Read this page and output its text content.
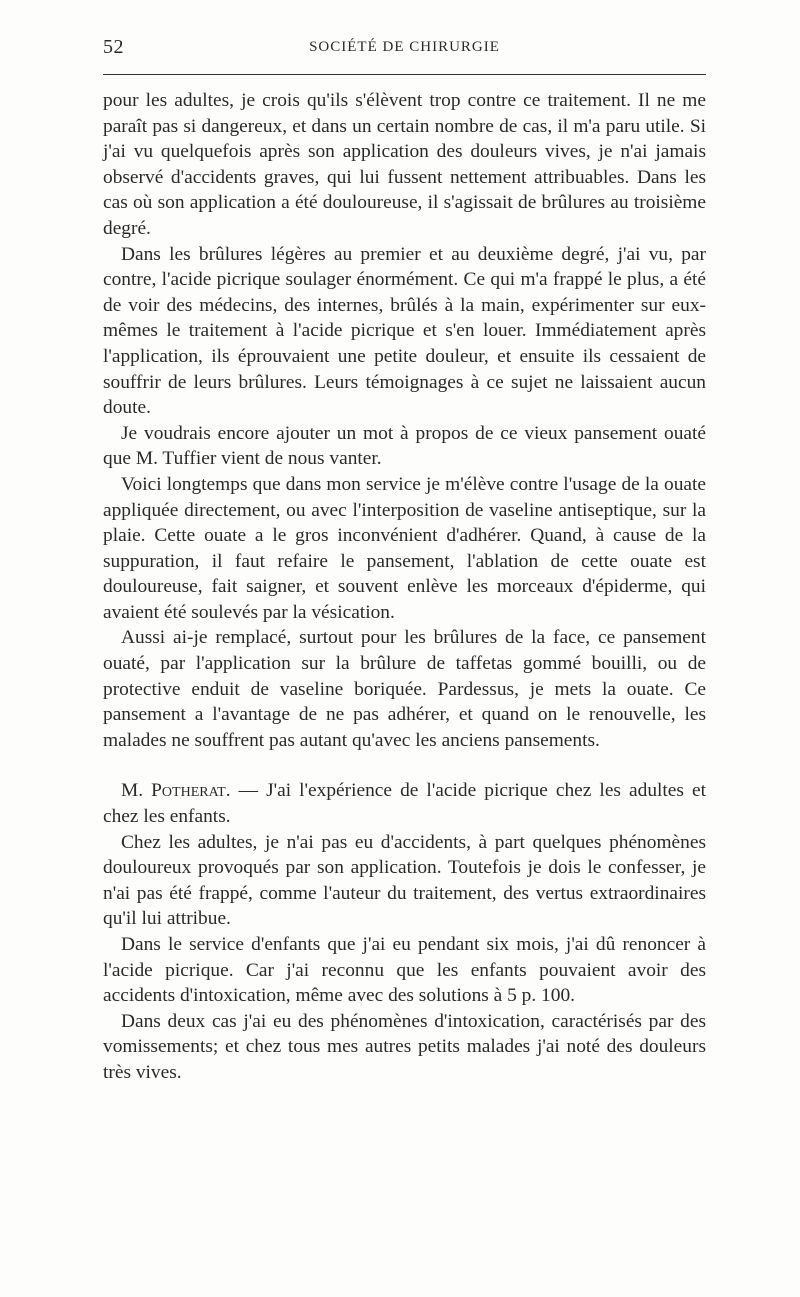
52	SOCIÉTÉ DE CHIRURGIE

pour les adultes, je crois qu'ils s'élèvent trop contre ce traitement. Il ne me paraît pas si dangereux, et dans un certain nombre de cas, il m'a paru utile. Si j'ai vu quelquefois après son application des douleurs vives, je n'ai jamais observé d'accidents graves, qui lui fussent nettement attribuables. Dans les cas où son application a été douloureuse, il s'agissait de brûlures au troisième degré.

Dans les brûlures légères au premier et au deuxième degré, j'ai vu, par contre, l'acide picrique soulager énormément. Ce qui m'a frappé le plus, a été de voir des médecins, des internes, brûlés à la main, expérimenter sur eux-mêmes le traitement à l'acide picrique et s'en louer. Immédiatement après l'application, ils éprouvaient une petite douleur, et ensuite ils cessaient de souffrir de leurs brûlures. Leurs témoignages à ce sujet ne laissaient aucun doute.

Je voudrais encore ajouter un mot à propos de ce vieux pansement ouaté que M. Tuffier vient de nous vanter.

Voici longtemps que dans mon service je m'élève contre l'usage de la ouate appliquée directement, ou avec l'interposition de vaseline antiseptique, sur la plaie. Cette ouate a le gros inconvénient d'adhérer. Quand, à cause de la suppuration, il faut refaire le pansement, l'ablation de cette ouate est douloureuse, fait saigner, et souvent enlève les morceaux d'épiderme, qui avaient été soulevés par la vésication.

Aussi ai-je remplacé, surtout pour les brûlures de la face, ce pansement ouaté, par l'application sur la brûlure de taffetas gommé bouilli, ou de protective enduit de vaseline boriquée. Pardessus, je mets la ouate. Ce pansement a l'avantage de ne pas adhérer, et quand on le renouvelle, les malades ne souffrent pas autant qu'avec les anciens pansements.

M. Potherat. — J'ai l'expérience de l'acide picrique chez les adultes et chez les enfants.

Chez les adultes, je n'ai pas eu d'accidents, à part quelques phénomènes douloureux provoqués par son application. Toutefois je dois le confesser, je n'ai pas été frappé, comme l'auteur du traitement, des vertus extraordinaires qu'il lui attribue.

Dans le service d'enfants que j'ai eu pendant six mois, j'ai dû renoncer à l'acide picrique. Car j'ai reconnu que les enfants pouvaient avoir des accidents d'intoxication, même avec des solutions à 5 p. 100.

Dans deux cas j'ai eu des phénomènes d'intoxication, caractérisés par des vomissements; et chez tous mes autres petits malades j'ai noté des douleurs très vives.
